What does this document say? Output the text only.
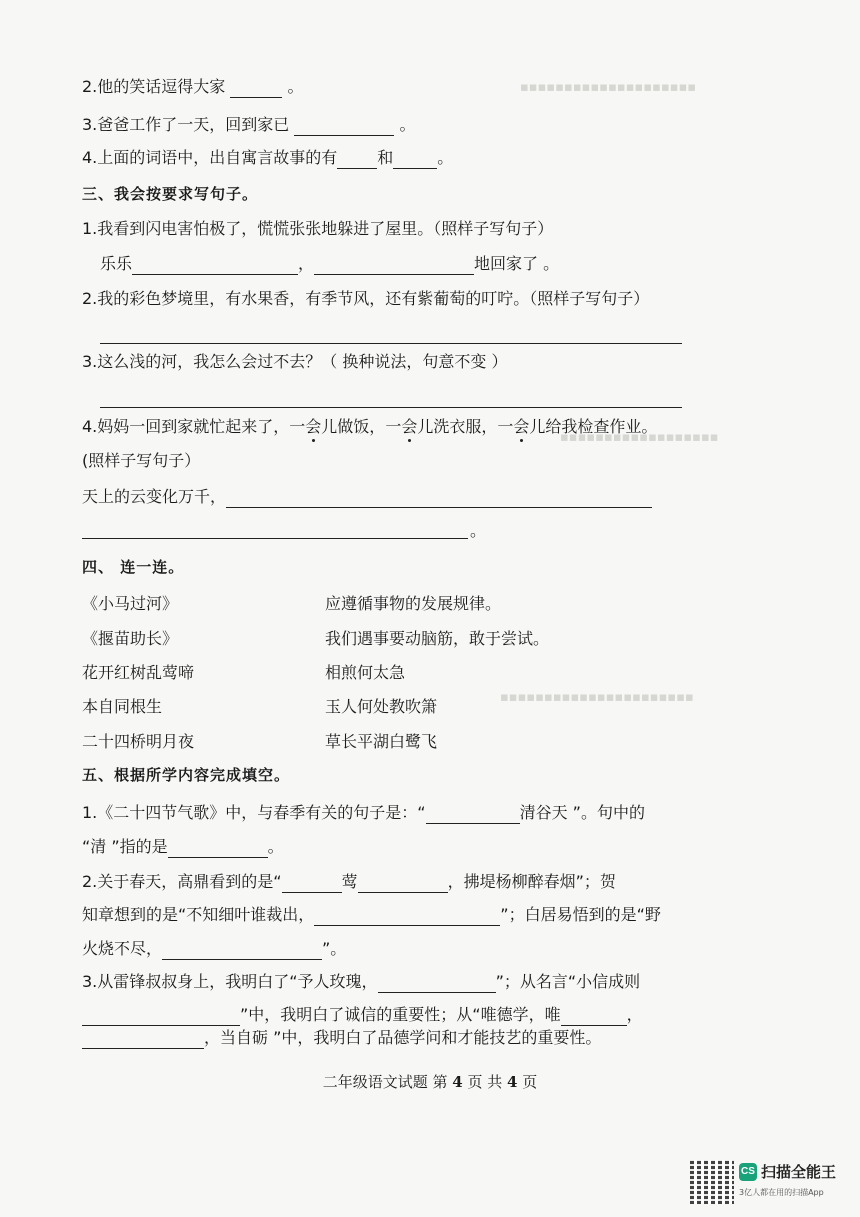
▪▪▪▪▪▪▪▪▪▪▪▪▪▪▪▪▪▪▪▪
▪▪▪▪▪▪▪▪▪▪▪▪▪▪▪▪▪▪
▪▪▪▪▪▪▪▪▪▪▪▪▪▪▪▪▪▪▪▪▪▪
2.他的笑话逗得大家	。
3.爸爸工作了一天，回到家已	。
4.上面的词语中，出自寓言故事的有	和	。
三、我会按要求写句子。
1.我看到闪电害怕极了，慌慌张张地躲进了屋里。（照样子写句子）
乐乐	，	地回家了 。
2.我的彩色梦境里，有水果香，有季节风，还有紫葡萄的叮咛。（照样子写句子）
3.这么浅的河，我怎么会过不去？（ 换种说法，句意不变 ）
4.妈妈一回到家就忙起来了，一会儿做饭，一会儿洗衣服，一会儿给我检查作业。
(照样子写句子）
天上的云变化万千，
。
四、 连一连。
《小马过河》	应遵循事物的发展规律。
《揠苗助长》	我们遇事要动脑筋，敢于尝试。
花开红树乱莺啼	相煎何太急
本自同根生	玉人何处教吹箫
二十四桥明月夜	草长平湖白鹭飞
五、根据所学内容完成填空。
1.《二十四节气歌》中，与春季有关的句子是：“	清谷天 ”。句中的
“清 ”指的是	。
2.关于春天，高鼎看到的是“	莺	，拂堤杨柳醉春烟”；贺
知章想到的是“不知细叶谁裁出，	”；白居易悟到的是“野
火烧不尽，	”。
3.从雷锋叔叔身上，我明白了“予人玫瑰，	”；从名言“小信成则
”中，我明白了诚信的重要性；从“唯德学，唯	，
，当自砺 ”中，我明白了品德学问和才能技艺的重要性。
二年级语文试题 第 4 页 共 4 页
CS 扫描全能王
3亿人都在用的扫描App
